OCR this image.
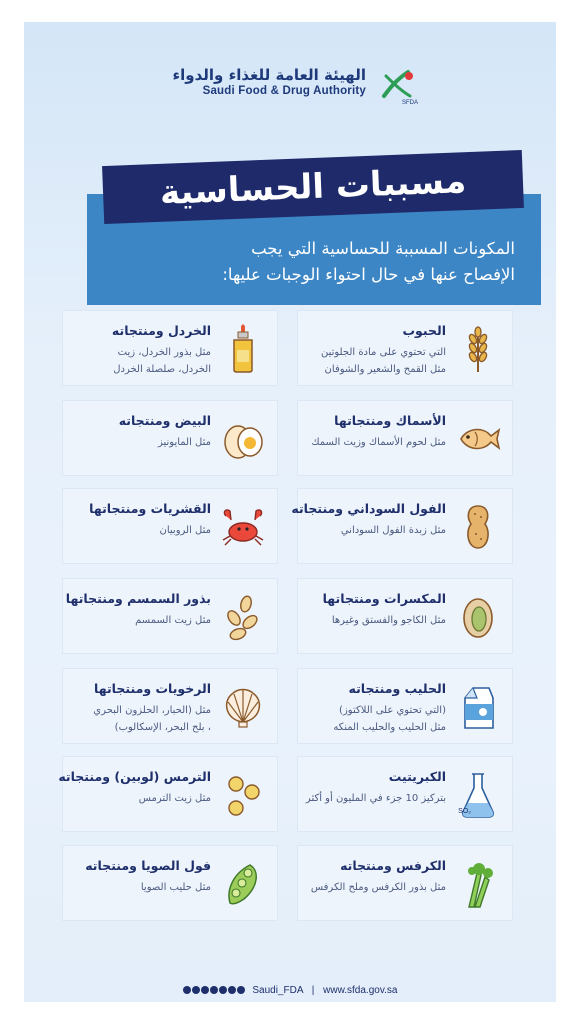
الهيئة العامة للغذاء والدواء
Saudi Food & Drug Authority
SFDA
المكونات المسببة للحساسية التي يجب
الإفصاح عنها في حال احتواء الوجبات عليها:
مسببات الحساسية
الحبوب
التي تحتوي على مادة الجلوتين
مثل القمح والشعير والشوفان
الأسماك ومنتجاتها
مثل لحوم الأسماك وزيت السمك
الفول السوداني ومنتجاته
مثل زبدة الفول السوداني
المكسرات ومنتجاتها
مثل الكاجو والفستق وغيرها
الحليب ومنتجاته
(التي تحتوي على اللاكتوز)
مثل الحليب والحليب المنكه
SO₂
الكبريتيت
بتركيز 10 جزء في المليون أو أكثر
الكرفس ومنتجاته
مثل بذور الكرفس وملح الكرفس
الخردل ومنتجاته
مثل بذور الخردل، زيت
الخردل، صلصلة الخردل
البيض ومنتجاته
مثل المايونيز
القشريات ومنتجاتها
مثل الروبيان
بذور السمسم ومنتجاتها
مثل زيت السمسم
الرخويات ومنتجاتها
مثل (الحبار، الحلزون البحري
، بلح البحر، الإسكالوب)
الترمس (لوبين) ومنتجاته
مثل زيت الترمس
فول الصويا ومنتجاته
مثل حليب الصويا
Saudi_FDA | www.sfda.gov.sa
